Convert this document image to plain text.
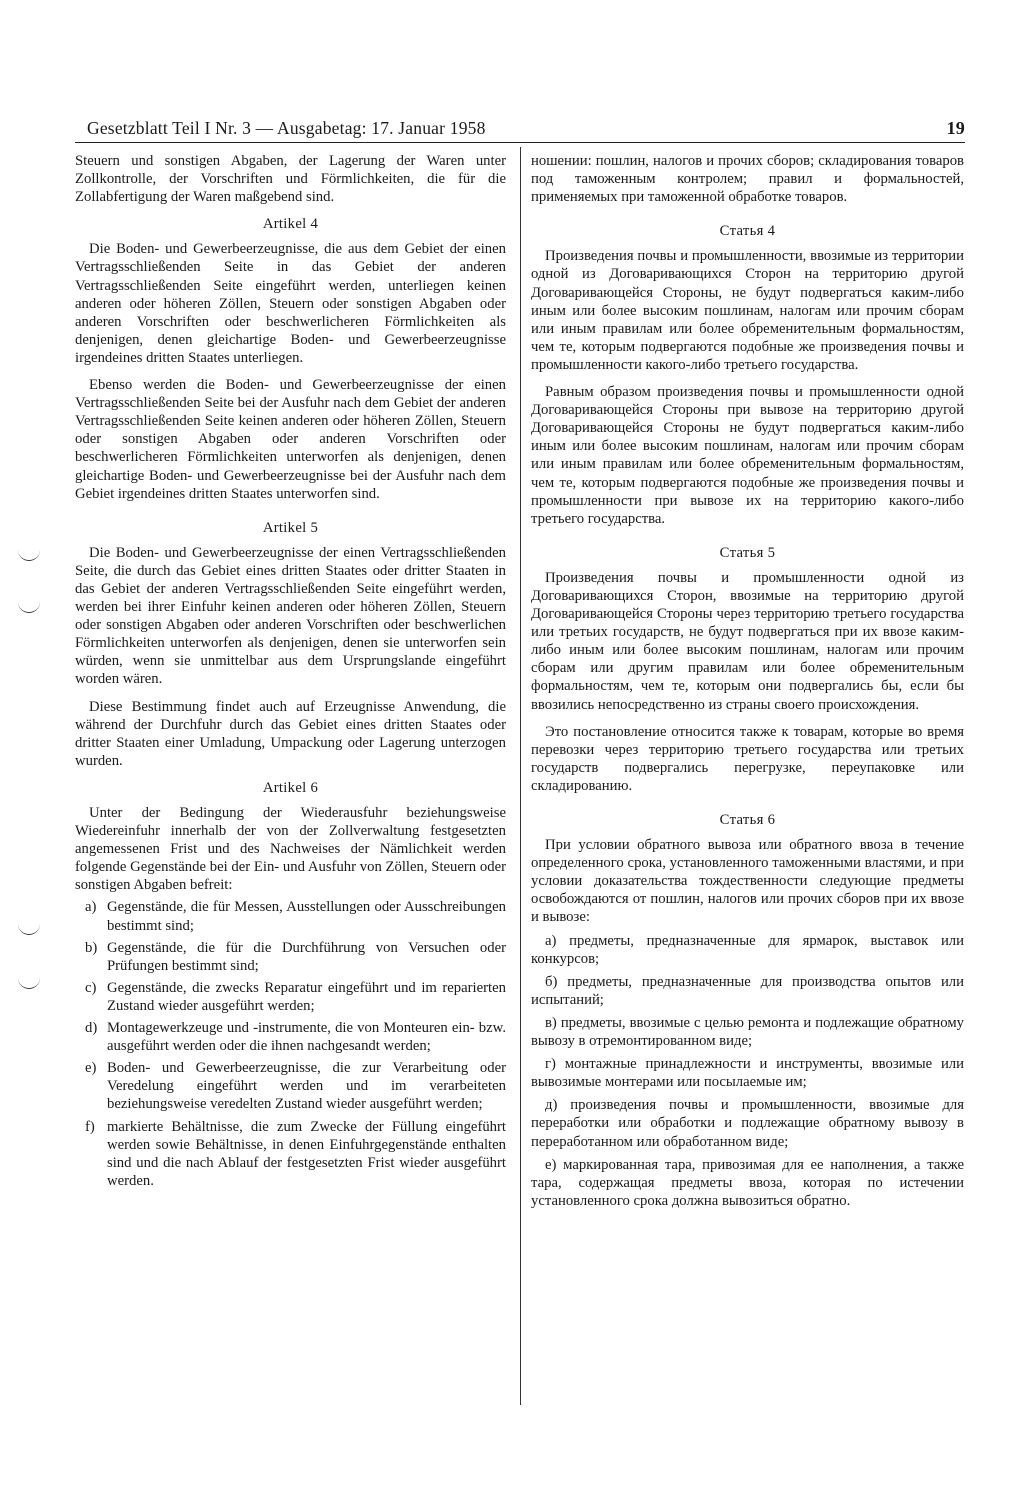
Gesetzblatt Teil I Nr. 3 — Ausgabetag: 17. Januar 1958	19

Steuern und sonstigen Abgaben, der Lagerung der Waren unter Zollkontrolle, der Vorschriften und Förmlichkeiten, die für die Zollabfertigung der Waren maßgebend sind.

Artikel 4

Die Boden- und Gewerbeerzeugnisse, die aus dem Gebiet der einen Vertragsschließenden Seite in das Gebiet der anderen Vertragsschließenden Seite eingeführt werden, unterliegen keinen anderen oder höheren Zöllen, Steuern oder sonstigen Abgaben oder anderen Vorschriften oder beschwerlicheren Förmlichkeiten als denjenigen, denen gleichartige Boden- und Gewerbeerzeugnisse irgendeines dritten Staates unterliegen.

Ebenso werden die Boden- und Gewerbeerzeugnisse der einen Vertragsschließenden Seite bei der Ausfuhr nach dem Gebiet der anderen Vertragsschließenden Seite keinen anderen oder höheren Zöllen, Steuern oder sonstigen Abgaben oder anderen Vorschriften oder beschwerlicheren Förmlichkeiten unterworfen als denjenigen, denen gleichartige Boden- und Gewerbeerzeugnisse bei der Ausfuhr nach dem Gebiet irgendeines dritten Staates unterworfen sind.

Artikel 5

Die Boden- und Gewerbeerzeugnisse der einen Vertragsschließenden Seite, die durch das Gebiet eines dritten Staates oder dritter Staaten in das Gebiet der anderen Vertragsschließenden Seite eingeführt werden, werden bei ihrer Einfuhr keinen anderen oder höheren Zöllen, Steuern oder sonstigen Abgaben oder anderen Vorschriften oder beschwerlichen Förmlichkeiten unterworfen als denjenigen, denen sie unterworfen sein würden, wenn sie unmittelbar aus dem Ursprungslande eingeführt worden wären.

Diese Bestimmung findet auch auf Erzeugnisse Anwendung, die während der Durchfuhr durch das Gebiet eines dritten Staates oder dritter Staaten einer Umladung, Umpackung oder Lagerung unterzogen wurden.

Artikel 6

Unter der Bedingung der Wiederausfuhr beziehungsweise Wiedereinfuhr innerhalb der von der Zollverwaltung festgesetzten angemessenen Frist und des Nachweises der Nämlichkeit werden folgende Gegenstände bei der Ein- und Ausfuhr von Zöllen, Steuern oder sonstigen Abgaben befreit:

a) Gegenstände, die für Messen, Ausstellungen oder Ausschreibungen bestimmt sind;
b) Gegenstände, die für die Durchführung von Versuchen oder Prüfungen bestimmt sind;
c) Gegenstände, die zwecks Reparatur eingeführt und im reparierten Zustand wieder ausgeführt werden;
d) Montagewerkzeuge und -instrumente, die von Monteuren ein- bzw. ausgeführt werden oder die ihnen nachgesandt werden;
e) Boden- und Gewerbeerzeugnisse, die zur Verarbeitung oder Veredelung eingeführt werden und im verarbeiteten beziehungsweise veredelten Zustand wieder ausgeführt werden;
f) markierte Behältnisse, die zum Zwecke der Füllung eingeführt werden sowie Behältnisse, in denen Einfuhrgegenstände enthalten sind und die nach Ablauf der festgesetzten Frist wieder ausgeführt werden.

ношении: пошлин, налогов и прочих сборов; складирования товаров под таможенным контролем; правил и формальностей, применяемых при таможенной обработке товаров.

Статья 4

Произведения почвы и промышленности, ввозимые из территории одной из Договаривающихся Сторон на территорию другой Договаривающейся Стороны, не будут подвергаться каким-либо иным или более высоким пошлинам, налогам или прочим сборам или иным правилам или более обременительным формальностям, чем те, которым подвергаются подобные же произведения почвы и промышленности какого-либо третьего государства.

Равным образом произведения почвы и промышленности одной Договаривающейся Стороны при вывозе на территорию другой Договаривающейся Стороны не будут подвергаться каким-либо иным или более высоким пошлинам, налогам или прочим сборам или иным правилам или более обременительным формальностям, чем те, которым подвергаются подобные же произведения почвы и промышленности при вывозе их на территорию какого-либо третьего государства.

Статья 5

Произведения почвы и промышленности одной из Договаривающихся Сторон, ввозимые на территорию другой Договаривающейся Стороны через территорию третьего государства или третьих государств, не будут подвергаться при их ввозе каким-либо иным или более высоким пошлинам, налогам или прочим сборам или другим правилам или более обременительным формальностям, чем те, которым они подвергались бы, если бы ввозились непосредственно из страны своего происхождения.

Это постановление относится также к товарам, которые во время перевозки через территорию третьего государства или третьих государств подвергались перегрузке, переупаковке или складированию.

Статья 6

При условии обратного вывоза или обратного ввоза в течение определенного срока, установленного таможенными властями, и при условии доказательства тождественности следующие предметы освобождаются от пошлин, налогов или прочих сборов при их ввозе и вывозе:

а) предметы, предназначенные для ярмарок, выставок или конкурсов;

б) предметы, предназначенные для производства опытов или испытаний;

в) предметы, ввозимые с целью ремонта и подлежащие обратному вывозу в отремонтированном виде;

г) монтажные принадлежности и инструменты, ввозимые или вывозимые монтерами или посылаемые им;

д) произведения почвы и промышленности, ввозимые для переработки или обработки и подлежащие обратному вывозу в переработанном или обработанном виде;

е) маркированная тара, привозимая для ее наполнения, а также тара, содержащая предметы ввоза, которая по истечении установленного срока должна вывозиться обратно.
